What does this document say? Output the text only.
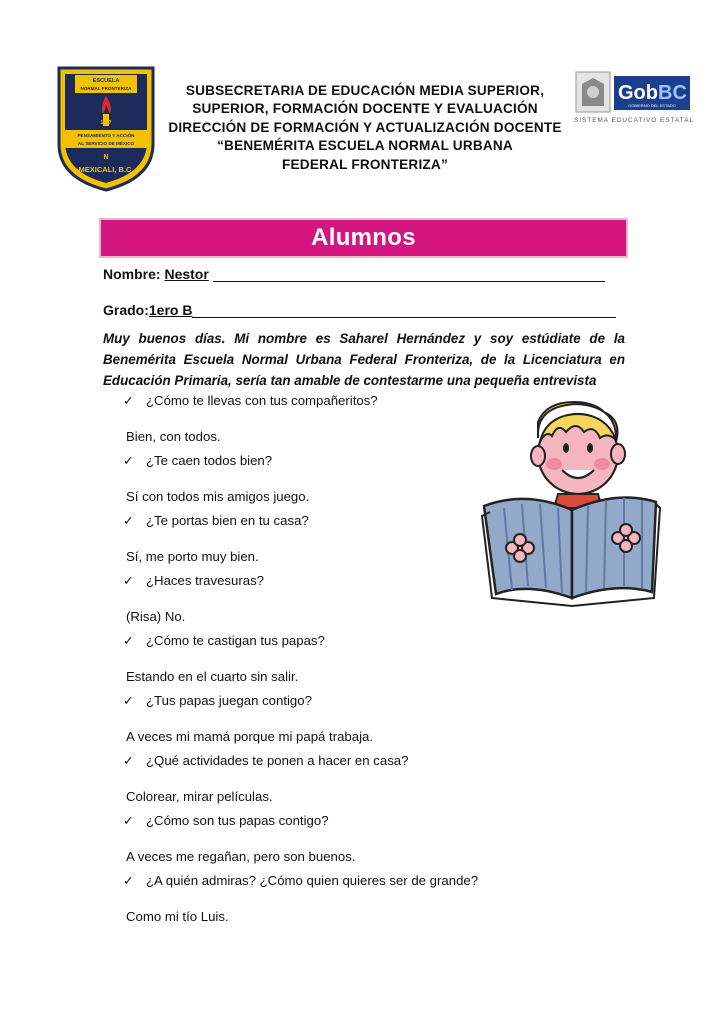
ESCUELA
NORMAL FRONTERIZA
1917
PENSAMIENTO Y ACCIÓN
AL SERVICIO DE MÉXICO
N
MEXICALI, B.C.
SUBSECRETARIA DE EDUCACIÓN MEDIA SUPERIOR,
SUPERIOR, FORMACIÓN DOCENTE Y EVALUACIÓN
DIRECCIÓN DE FORMACIÓN Y ACTUALIZACIÓN DOCENTE
“BENEMÉRITA ESCUELA NORMAL URBANA
FEDERAL FRONTERIZA”
GobBC
GOBIERNO DEL ESTADO
SISTEMA EDUCATIVO ESTATAL
Alumnos
Nombre: Nestor
Grado:1ero B
Muy buenos días. Mi nombre es Saharel Hernández y soy estúdiate de la Benemérita Escuela Normal Urbana Federal Fronteriza, de la Licenciatura en Educación Primaria, sería tan amable de contestarme una pequeña entrevista
✓ ¿Cómo te llevas con tus compañeritos?
Bien, con todos.
✓ ¿Te caen todos bien?
Sí con todos mis amigos juego.
✓ ¿Te portas bien en tu casa?
Sí, me porto muy bien.
✓ ¿Haces travesuras?
(Risa) No.
✓ ¿Cómo te castigan tus papas?
Estando en el cuarto sin salir.
✓ ¿Tus papas juegan contigo?
A veces mi mamá porque mi papá trabaja.
✓ ¿Qué actividades te ponen a hacer en casa?
Colorear, mirar películas.
✓ ¿Cómo son tus papas contigo?
A veces me regañan, pero son buenos.
✓ ¿A quién admiras? ¿Cómo quien quieres ser de grande?
Como mi tío Luis.
